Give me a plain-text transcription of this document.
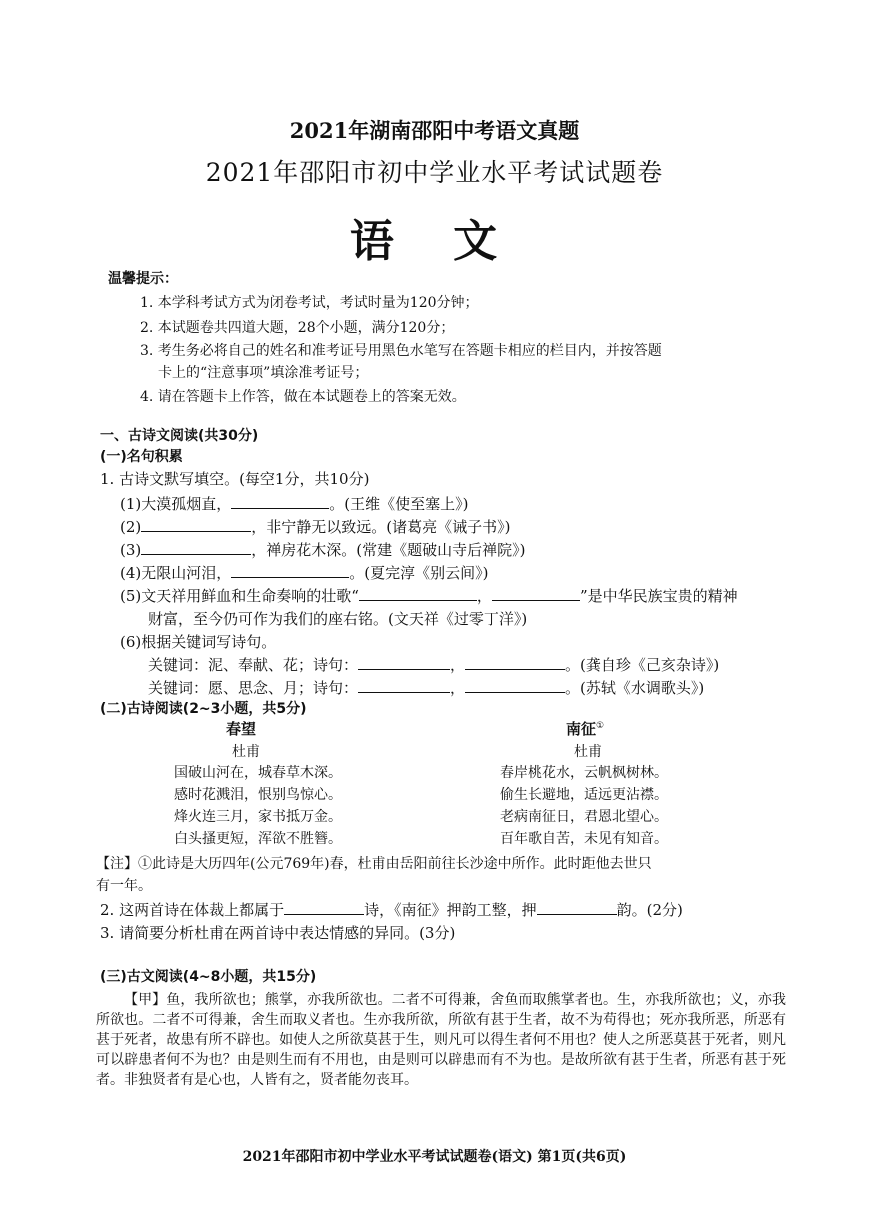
2021年湖南邵阳中考语文真题
2021年邵阳市初中学业水平考试试题卷
语 文
温馨提示：
1. 本学科考试方式为闭卷考试，考试时量为120分钟；
2. 本试题卷共四道大题，28个小题，满分120分；
3. 考生务必将自己的姓名和准考证号用黑色水笔写在答题卡相应的栏目内，并按答题
卡上的“注意事项”填涂准考证号；
4. 请在答题卡上作答，做在本试题卷上的答案无效。
一、古诗文阅读(共30分)
(一)名句积累
1. 古诗文默写填空。(每空1分，共10分)
(1)大漠孤烟直，	。(王维《使至塞上》)
(2)	，非宁静无以致远。(诸葛亮《诫子书》)
(3)	，禅房花木深。(常建《题破山寺后禅院》)
(4)无限山河泪，	。(夏完淳《别云间》)
(5)文天祥用鲜血和生命奏响的壮歌“	，	”是中华民族宝贵的精神
财富，至今仍可作为我们的座右铭。(文天祥《过零丁洋》)
(6)根据关键词写诗句。
关键词：泥、奉献、花；诗句：	，	。(龚自珍《己亥杂诗》)
关键词：愿、思念、月；诗句：	，	。(苏轼《水调歌头》)
(二)古诗阅读(2~3小题，共5分)
春望
杜甫
国破山河在，城春草木深。
感时花溅泪，恨别鸟惊心。
烽火连三月，家书抵万金。
白头搔更短，浑欲不胜簪。
南征①
杜甫
春岸桃花水，云帆枫树林。
偷生长避地，适远更沾襟。
老病南征日，君恩北望心。
百年歌自苦，未见有知音。
【注】①此诗是大历四年(公元769年)春，杜甫由岳阳前往长沙途中所作。此时距他去世只
有一年。
2. 这两首诗在体裁上都属于	诗，《南征》押韵工整，押	韵。(2分)
3. 请简要分析杜甫在两首诗中表达情感的异同。(3分)
(三)古文阅读(4~8小题，共15分)
【甲】鱼，我所欲也；熊掌，亦我所欲也。二者不可得兼，舍鱼而取熊掌者也。生，亦我所欲也；义，亦我所欲也。二者不可得兼，舍生而取义者也。生亦我所欲，所欲有甚于生者，故不为苟得也；死亦我所恶，所恶有甚于死者，故患有所不辟也。如使人之所欲莫甚于生，则凡可以得生者何不用也？使人之所恶莫甚于死者，则凡可以辟患者何不为也？由是则生而有不用也，由是则可以辟患而有不为也。是故所欲有甚于生者，所恶有甚于死者。非独贤者有是心也，人皆有之，贤者能勿丧耳。
2021年邵阳市初中学业水平考试试题卷(语文) 第1页(共6页)
